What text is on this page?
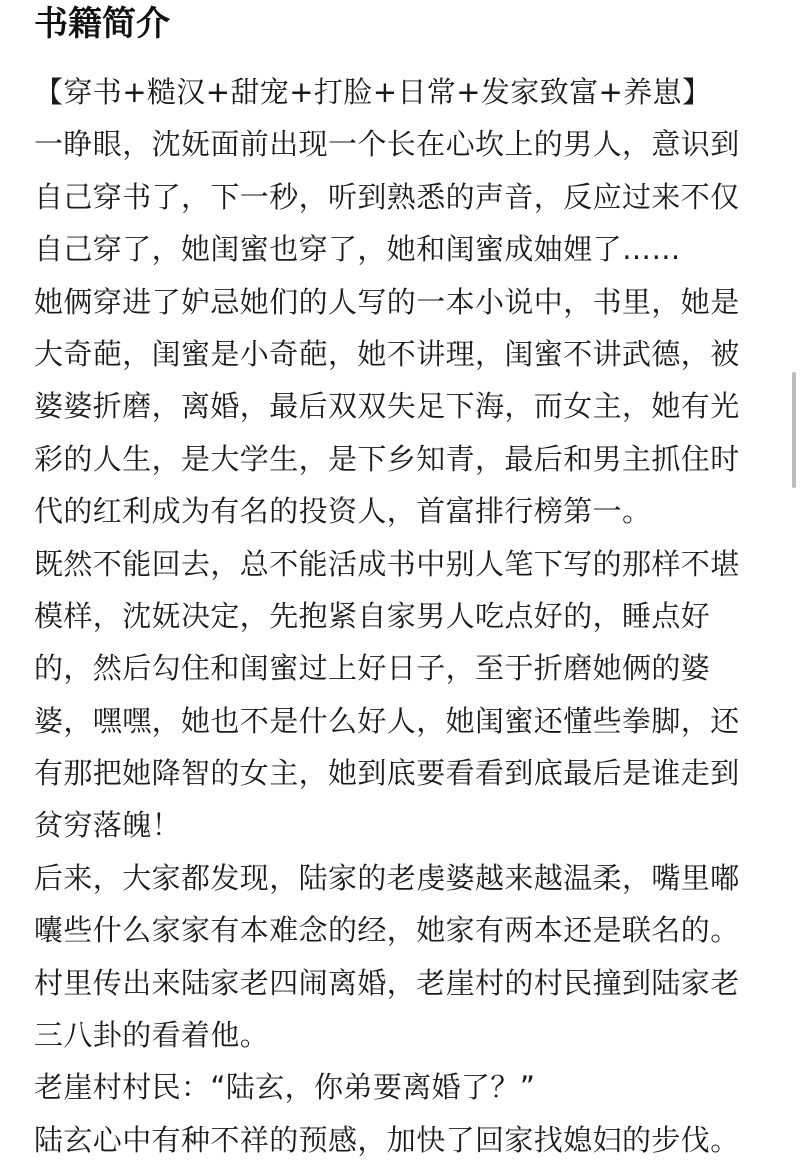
书籍简介
【穿书+糙汉+甜宠+打脸+日常+发家致富+养崽】
一睁眼，沈妩面前出现一个长在心坎上的男人，意识到
自己穿书了，下一秒，听到熟悉的声音，反应过来不仅
自己穿了，她闺蜜也穿了，她和闺蜜成妯娌了……
她俩穿进了妒忌她们的人写的一本小说中，书里，她是
大奇葩，闺蜜是小奇葩，她不讲理，闺蜜不讲武德，被
婆婆折磨，离婚，最后双双失足下海，而女主，她有光
彩的人生，是大学生，是下乡知青，最后和男主抓住时
代的红利成为有名的投资人，首富排行榜第一。
既然不能回去，总不能活成书中别人笔下写的那样不堪
模样，沈妩决定，先抱紧自家男人吃点好的，睡点好
的，然后勾住和闺蜜过上好日子，至于折磨她俩的婆
婆，嘿嘿，她也不是什么好人，她闺蜜还懂些拳脚，还
有那把她降智的女主，她到底要看看到底最后是谁走到
贫穷落魄！
后来，大家都发现，陆家的老虔婆越来越温柔，嘴里嘟
囔些什么家家有本难念的经，她家有两本还是联名的。
村里传出来陆家老四闹离婚，老崖村的村民撞到陆家老
三八卦的看着他。
老崖村村民：“陆玄，你弟要离婚了？”
陆玄心中有种不祥的预感，加快了回家找媳妇的步伐。
